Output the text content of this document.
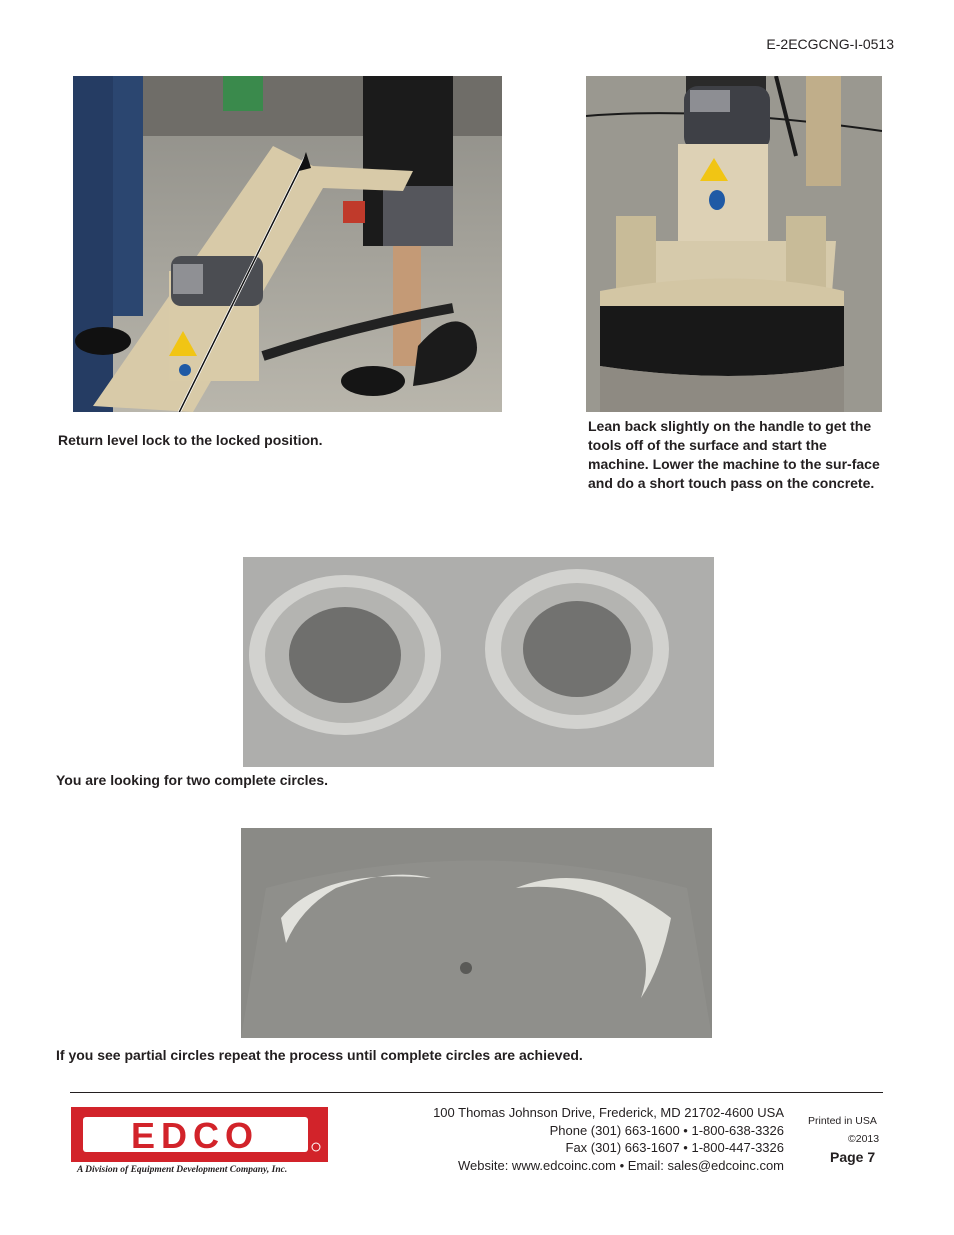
E-2ECGCNG-I-0513
Return level lock to the locked position.
Lean back slightly on the handle to get the tools off of the surface and start the machine. Lower the machine to the sur-face and do a short touch pass on the concrete.
You are looking for two complete circles.
If you see partial circles repeat the process until complete circles are achieved.
EDCO
A Division of Equipment Development Company, Inc.
100 Thomas Johnson Drive, Frederick, MD 21702-4600 USA
Phone (301) 663-1600 • 1-800-638-3326
Fax (301) 663-1607 • 1-800-447-3326
Website: www.edcoinc.com • Email: sales@edcoinc.com
Printed in USA
©2013
Page 7
